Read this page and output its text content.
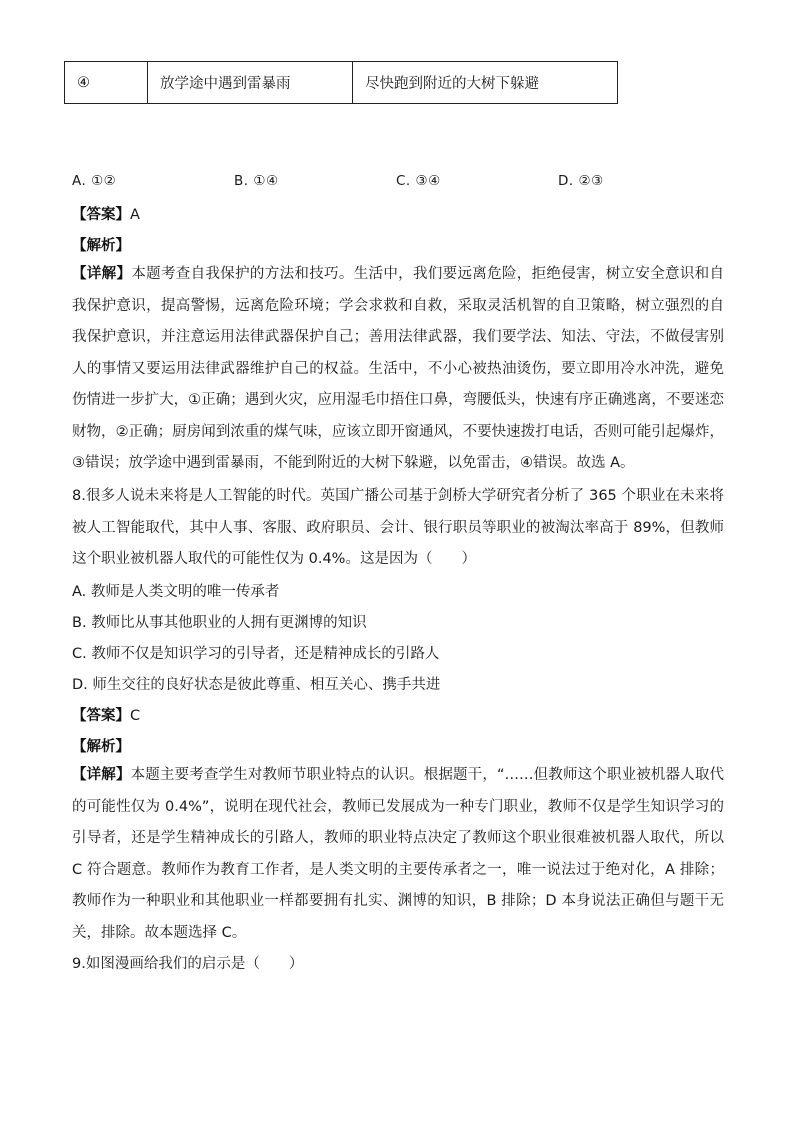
④	放学途中遇到雷暴雨	尽快跑到附近的大树下躲避
A. ①②	B. ①④	C. ③④	D. ②③
【答案】A
【解析】
【详解】本题考查自我保护的方法和技巧。生活中，我们要远离危险，拒绝侵害，树立安全意识和自我保护意识，提高警惕，远离危险环境；学会求救和自救，采取灵活机智的自卫策略，树立强烈的自我保护意识，并注意运用法律武器保护自己；善用法律武器，我们要学法、知法、守法，不做侵害别人的事情又要运用法律武器维护自己的权益。生活中，不小心被热油烫伤，要立即用冷水冲洗，避免伤情进一步扩大，①正确；遇到火灾，应用湿毛巾捂住口鼻，弯腰低头，快速有序正确逃离，不要迷恋财物，②正确；厨房闻到浓重的煤气味，应该立即开窗通风，不要快速拨打电话，否则可能引起爆炸，③错误；放学途中遇到雷暴雨，不能到附近的大树下躲避，以免雷击，④错误。故选 A。
8.很多人说未来将是人工智能的时代。英国广播公司基于剑桥大学研究者分析了 365 个职业在未来将被人工智能取代，其中人事、客服、政府职员、会计、银行职员等职业的被淘汰率高于 89%，但教师这个职业被机器人取代的可能性仅为 0.4%。这是因为（　　）
A. 教师是人类文明的唯一传承者
B. 教师比从事其他职业的人拥有更渊博的知识
C. 教师不仅是知识学习的引导者，还是精神成长的引路人
D. 师生交往的良好状态是彼此尊重、相互关心、携手共进
【答案】C
【解析】
【详解】本题主要考查学生对教师节职业特点的认识。根据题干，“……但教师这个职业被机器人取代的可能性仅为 0.4%”，说明在现代社会，教师已发展成为一种专门职业，教师不仅是学生知识学习的引导者，还是学生精神成长的引路人，教师的职业特点决定了教师这个职业很难被机器人取代，所以 C 符合题意。教师作为教育工作者，是人类文明的主要传承者之一，唯一说法过于绝对化，A 排除；教师作为一种职业和其他职业一样都要拥有扎实、渊博的知识，B 排除；D 本身说法正确但与题干无关，排除。故本题选择 C。
9.如图漫画给我们的启示是（　　）
